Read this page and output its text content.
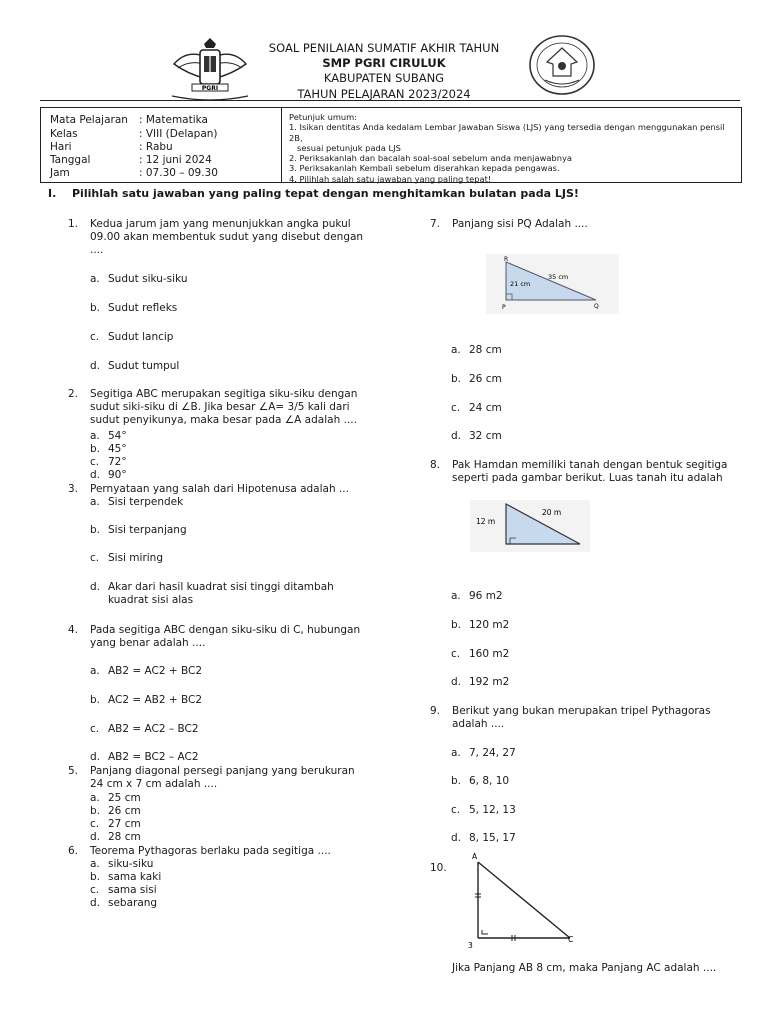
PGRI
SOAL PENILAIAN SUMATIF AKHIR TAHUN
SMP PGRI CIRULUK
KABUPATEN SUBANG
TAHUN PELAJARAN 2023/2024
Mata Pelajaran	: Matematika
Kelas	: VIII (Delapan)
Hari	: Rabu
Tanggal	: 12 juni 2024
Jam	: 07.30 – 09.30
Petunjuk umum:
1. Isikan dentitas Anda kedalam Lembar Jawaban Siswa (LJS) yang tersedia dengan menggunakan pensil 2B,
sesuai petunjuk pada LJS
2. Periksakanlah dan bacalah soal-soal sebelum anda menjawabnya
3. Periksakanlah Kembali sebelum diserahkan kepada pengawas.
4. Pilihlah salah satu jawaban yang paling tepat!
I. Pilihlah satu jawaban yang paling tepat dengan menghitamkan bulatan pada LJS!
1. Kedua jarum jam yang menunjukkan angka pukul 09.00 akan membentuk sudut yang disebut dengan ....
a. Sudut siku-siku
b. Sudut refleks
c. Sudut lancip
d. Sudut tumpul
2. Segitiga ABC merupakan segitiga siku-siku dengan sudut siki-siku di ∠B. Jika besar ∠A= 3/5 kali dari sudut penyikunya, maka besar pada ∠A adalah ....
a. 54°
b. 45°
c. 72°
d. 90°
3. Pernyataan yang salah dari Hipotenusa adalah ...
a. Sisi terpendek
b. Sisi terpanjang
c. Sisi miring
d. Akar dari hasil kuadrat sisi tinggi ditambah kuadrat sisi alas
4. Pada segitiga ABC dengan siku-siku di C, hubungan yang benar adalah ....
a. AB2 = AC2 + BC2
b. AC2 = AB2 + BC2
c. AB2 = AC2 – BC2
d. AB2 = BC2 – AC2
5. Panjang diagonal persegi panjang yang berukuran 24 cm x 7 cm adalah ....
a. 25 cm
b. 26 cm
c. 27 cm
d. 28 cm
6. Teorema Pythagoras berlaku pada segitiga ....
a. siku-siku
b. sama kaki
c. sama sisi
d. sebarang
7. Panjang sisi PQ Adalah ....
R
P	Q
21 cm
35 cm
a. 28 cm
b. 26 cm
c. 24 cm
d. 32 cm
8. Pak Hamdan memiliki tanah dengan bentuk segitiga seperti pada gambar berikut. Luas tanah itu adalah
12 m
20 m
a. 96 m2
b. 120 m2
c. 160 m2
d. 192 m2
9. Berikut yang bukan merupakan tripel Pythagoras adalah ....
a. 7, 24, 27
b. 6, 8, 10
c. 5, 12, 13
d. 8, 15, 17
10.
A
3
C
Jika Panjang AB 8 cm, maka Panjang AC adalah ....
